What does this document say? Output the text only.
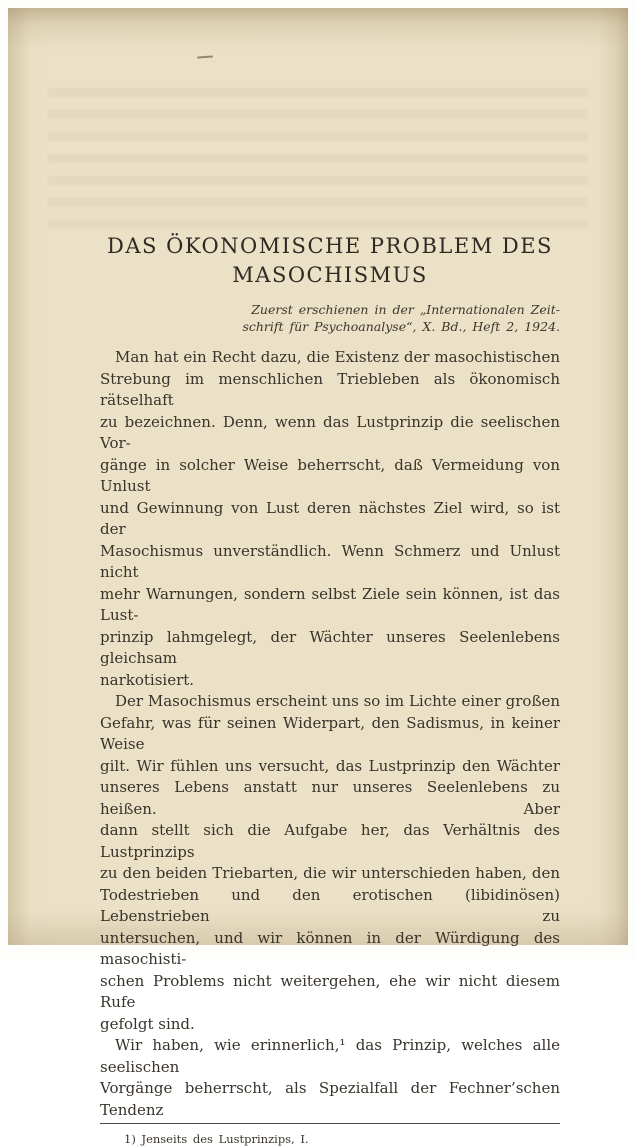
DAS ÖKONOMISCHE PROBLEM DES
MASOCHISMUS
Zuerst erschienen in der „Internationalen Zeit-
schrift für Psychoanalyse“, X. Bd., Heft 2, 1924.

Man hat ein Recht dazu, die Existenz der masochistischen
Strebung im menschlichen Triebleben als ökonomisch rätselhaft
zu bezeichnen. Denn, wenn das Lustprinzip die seelischen Vor-
gänge in solcher Weise beherrscht, daß Vermeidung von Unlust
und Gewinnung von Lust deren nächstes Ziel wird, so ist der
Masochismus unverständlich. Wenn Schmerz und Unlust nicht
mehr Warnungen, sondern selbst Ziele sein können, ist das Lust-
prinzip lahmgelegt, der Wächter unseres Seelenlebens gleichsam
narkotisiert.

Der Masochismus erscheint uns so im Lichte einer großen
Gefahr, was für seinen Widerpart, den Sadismus, in keiner Weise
gilt. Wir fühlen uns versucht, das Lustprinzip den Wächter
unseres Lebens anstatt nur unseres Seelenlebens zu heißen. Aber
dann stellt sich die Aufgabe her, das Verhältnis des Lustprinzips
zu den beiden Triebarten, die wir unterschieden haben, den
Todestrieben und den erotischen (libidinösen) Lebenstrieben zu
untersuchen, und wir können in der Würdigung des masochisti-
schen Problems nicht weitergehen, ehe wir nicht diesem Rufe
gefolgt sind.

Wir haben, wie erinnerlich,¹ das Prinzip, welches alle seelischen
Vorgänge beherrscht, als Spezialfall der Fechner’schen Tendenz

1) Jenseits des Lustprinzips, I.
